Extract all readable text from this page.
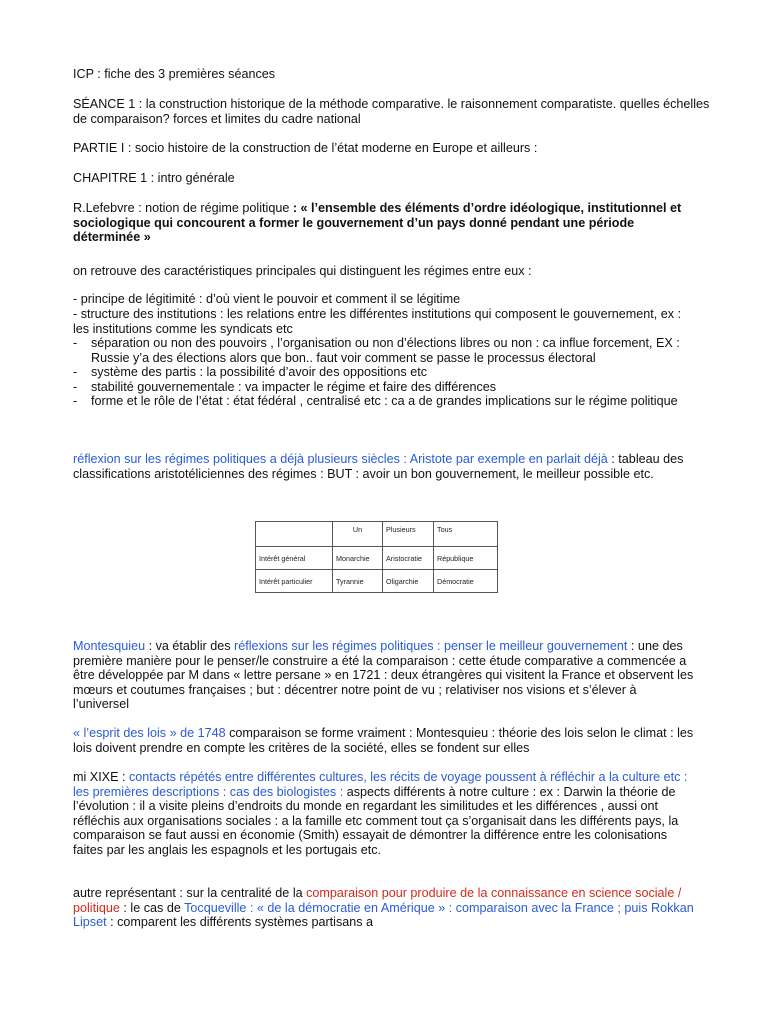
ICP : fiche des 3 premières séances

SÉANCE 1 : la construction historique de la méthode comparative. le raisonnement comparatiste. quelles échelles de comparaison? forces et limites du cadre national

PARTIE I : socio histoire de la construction de l’état moderne en Europe et ailleurs :

CHAPITRE 1 : intro générale

R.Lefebvre : notion de régime politique : « l’ensemble des éléments d’ordre idéologique, institutionnel et sociologique qui concourent a former le gouvernement d’un pays donné pendant une période déterminée »

on retrouve des caractéristiques principales qui distinguent les régimes entre eux :

- principe de légitimité : d’où vient le pouvoir et comment il se légitime

- structure des institutions : les relations entre les différentes institutions qui composent le gouvernement, ex : les institutions comme les syndicats etc

- séparation ou non des pouvoirs , l’organisation ou non d’élections libres ou non : ca influe forcement, EX : Russie y’a des élections alors que bon.. faut voir comment se passe le processus électoral
- système des partis : la possibilité d’avoir des oppositions etc
- stabilité gouvernementale : va impacter le régime et faire des différences
- forme et le rôle de l’état : état fédéral , centralisé etc : ca a de grandes implications sur le régime politique

réflexion sur les régimes politiques a déjà plusieurs siècles : Aristote par exemple en parlait déjà : tableau des classifications aristotéliciennes des régimes : BUT : avoir un bon gouvernement, le meilleur possible etc.

	Un	Plusieurs	Tous
Intérêt général	Monarchie	Aristocratie	République
Intérêt particulier	Tyrannie	Oligarchie	Démocratie

Montesquieu : va établir des réflexions sur les régimes politiques : penser le meilleur gouvernement : une des première manière pour le penser/le construire a été la comparaison : cette étude comparative a commencée a être développée par M dans « lettre persane » en 1721 : deux étrangères qui visitent la France et observent les mœurs et coutumes françaises ; but : décentrer notre point de vu ; relativiser nos visions et s’élever à l’universel

« l’esprit des lois » de 1748 comparaison se forme vraiment : Montesquieu : théorie des lois selon le climat : les lois doivent prendre en compte les critères de la société, elles se fondent sur elles

mi XIXE : contacts répétés entre différentes cultures, les récits de voyage poussent à réfléchir a la culture etc : les premières descriptions : cas des biologistes : aspects différents à notre culture : ex : Darwin la théorie de l’évolution : il a visite pleins d’endroits du monde en regardant les similitudes et les différences , aussi ont réfléchis aux organisations sociales : a la famille etc comment tout ça s’organisait dans les différents pays, la comparaison se faut aussi en économie (Smith) essayait de démontrer la différence entre les colonisations faites par les anglais les espagnols et les portugais etc.

autre représentant : sur la centralité de la comparaison pour produire de la connaissance en science sociale / politique : le cas de Tocqueville : « de la démocratie en Amérique » : comparaison avec la France ; puis Rokkan Lipset : comparent les différents systèmes partisans a
